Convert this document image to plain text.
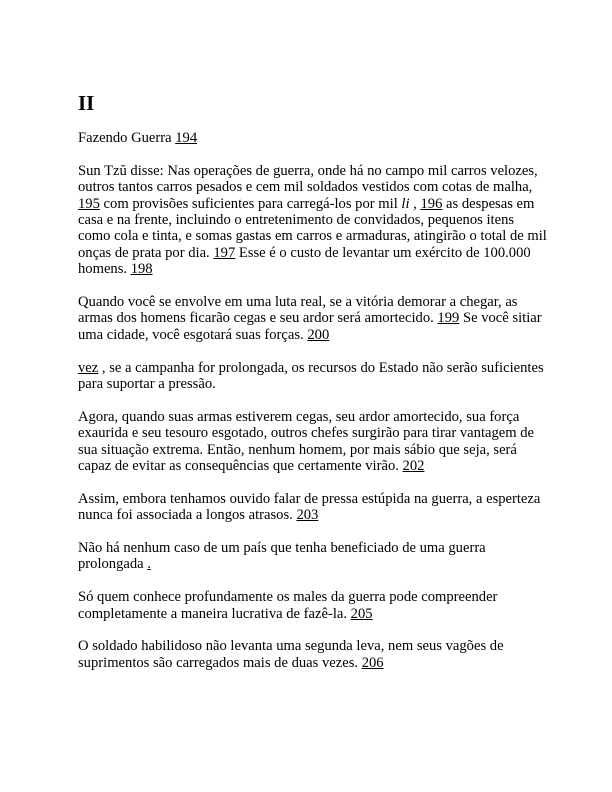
II

Fazendo Guerra 194

Sun Tzŭ disse: Nas operações de guerra, onde há no campo mil carros velozes, outros tantos carros pesados e cem mil soldados vestidos com cotas de malha, 195 com provisões suficientes para carregá-los por mil li , 196 as despesas em casa e na frente, incluindo o entretenimento de convidados, pequenos itens como cola e tinta, e somas gastas em carros e armaduras, atingirão o total de mil onças de prata por dia. 197 Esse é o custo de levantar um exército de 100.000 homens. 198

Quando você se envolve em uma luta real, se a vitória demorar a chegar, as armas dos homens ficarão cegas e seu ardor será amortecido. 199 Se você sitiar uma cidade, você esgotará suas forças. 200

vez , se a campanha for prolongada, os recursos do Estado não serão suficientes para suportar a pressão.

Agora, quando suas armas estiverem cegas, seu ardor amortecido, sua força exaurida e seu tesouro esgotado, outros chefes surgirão para tirar vantagem de sua situação extrema. Então, nenhum homem, por mais sábio que seja, será capaz de evitar as consequências que certamente virão. 202

Assim, embora tenhamos ouvido falar de pressa estúpida na guerra, a esperteza nunca foi associada a longos atrasos. 203

Não há nenhum caso de um país que tenha beneficiado de uma guerra prolongada .

Só quem conhece profundamente os males da guerra pode compreender completamente a maneira lucrativa de fazê-la. 205

O soldado habilidoso não levanta uma segunda leva, nem seus vagões de suprimentos são carregados mais de duas vezes. 206
